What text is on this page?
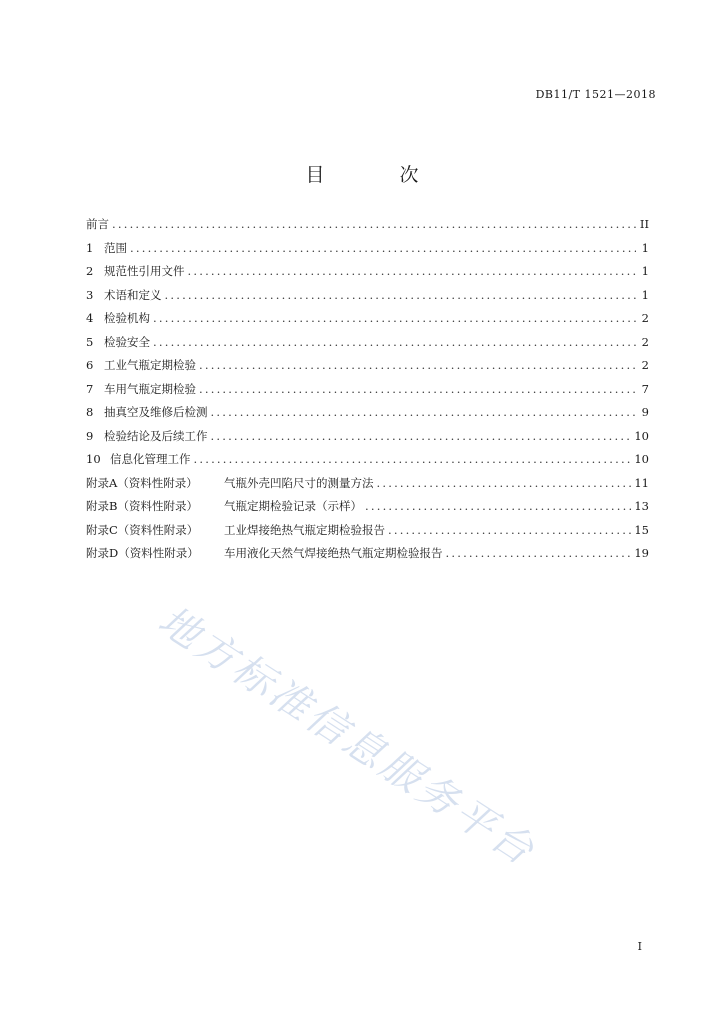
DB11/T 1521—2018
目　次
前言 .....	II
1 范围 .....	1
2 规范性引用文件 .....	1
3 术语和定义 .....	1
4 检验机构 .....	2
5 检验安全 .....	2
6 工业气瓶定期检验 .....	2
7 车用气瓶定期检验 .....	7
8 抽真空及维修后检测 .....	9
9 检验结论及后续工作 .....	10
10 信息化管理工作 .....	10
附录A（资料性附录） 气瓶外壳凹陷尺寸的测量方法 .....	11
附录B（资料性附录） 气瓶定期检验记录（示样） .....	13
附录C（资料性附录） 工业焊接绝热气瓶定期检验报告 .....	15
附录D（资料性附录） 车用液化天然气焊接绝热气瓶定期检验报告 .....	19
地方标准信息服务平台
I
